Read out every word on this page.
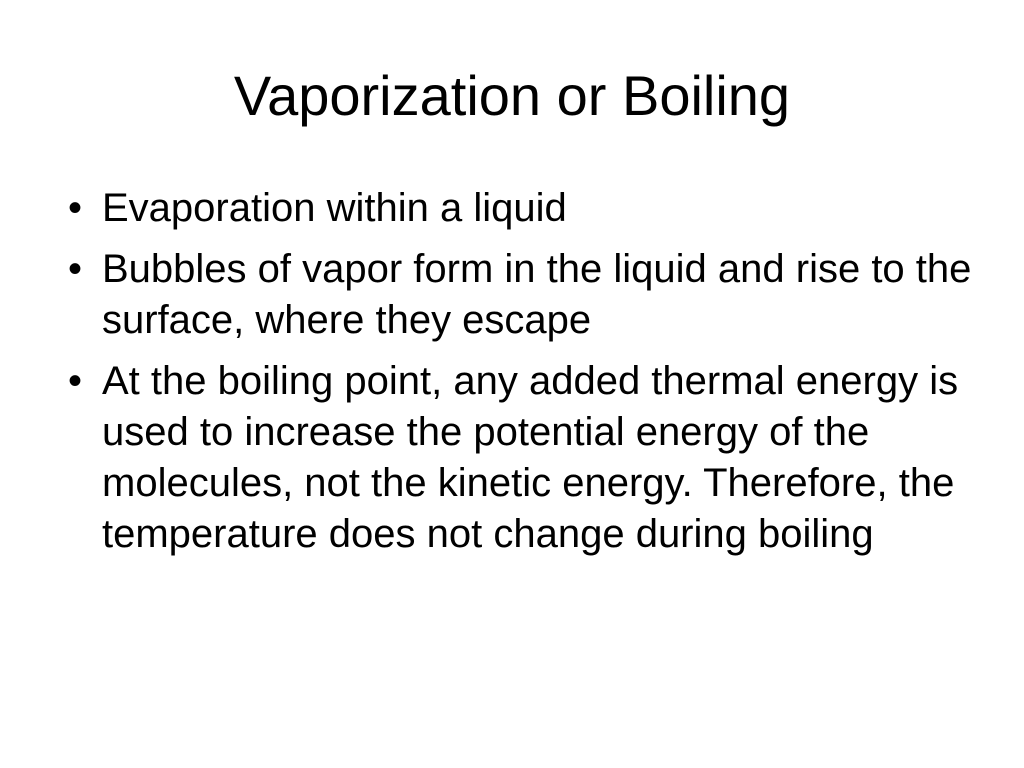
Vaporization or Boiling
• Evaporation within a liquid
• Bubbles of vapor form in the liquid and rise to the surface, where they escape
• At the boiling point, any added thermal energy is used to increase the potential energy of the molecules, not the kinetic energy. Therefore, the temperature does not change during boiling
